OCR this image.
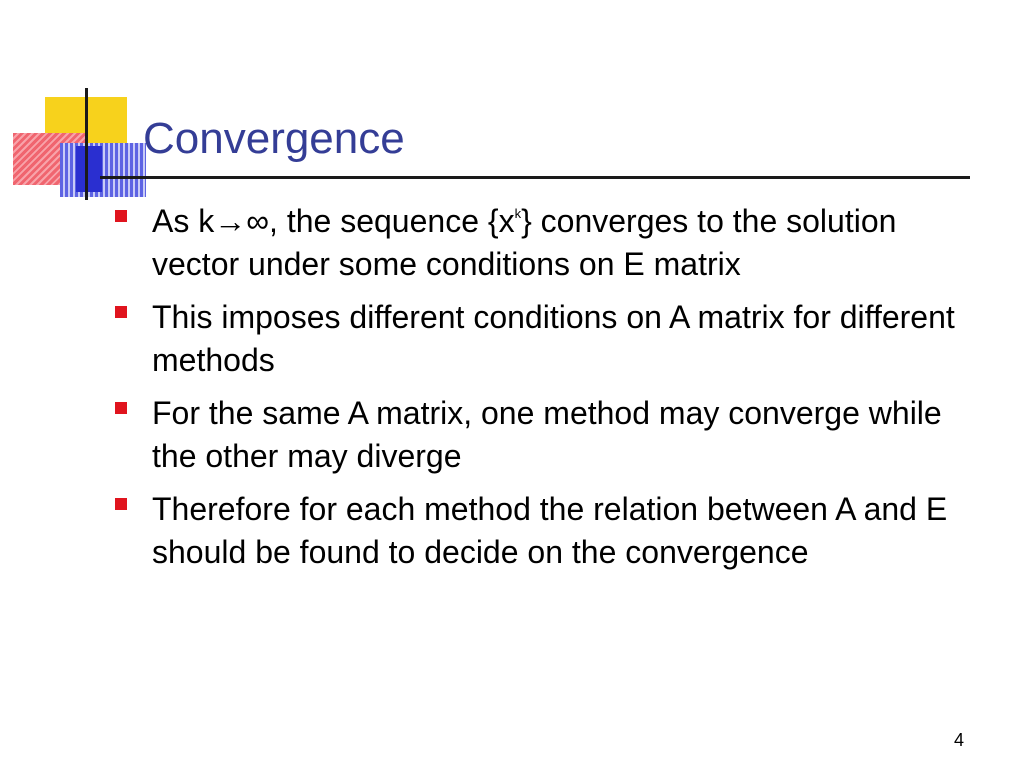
Convergence
As k→∞, the sequence $\{x^k\}$ converges to the solution vector under some conditions on E matrix
This imposes different conditions on A matrix for different methods
For the same A matrix, one method may converge while the other may diverge
Therefore for each method the relation between A and E should be found to decide on the convergence
4
